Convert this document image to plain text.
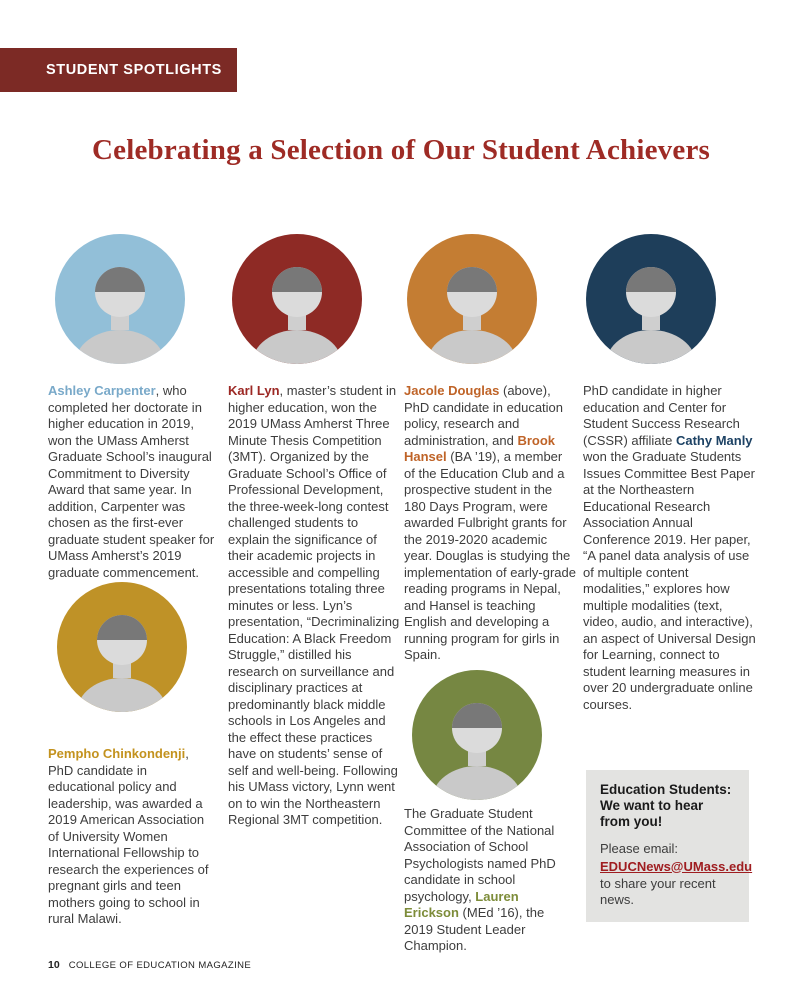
STUDENT SPOTLIGHTS
Celebrating a Selection of Our Student Achievers

Ashley Carpenter, who completed her doctorate in higher education in 2019, won the UMass Amherst Graduate School’s inaugural Commitment to Diversity Award that same year. In addition, Carpenter was chosen as the first-ever graduate student speaker for UMass Amherst’s 2019 graduate commencement.

Pempho Chinkondenji, PhD candidate in educational policy and leadership, was awarded a 2019 American Association of University Women International Fellowship to research the experiences of pregnant girls and teen mothers going to school in rural Malawi.

Karl Lyn, master’s student in higher education, won the 2019 UMass Amherst Three Minute Thesis Competition (3MT). Organized by the Graduate School’s Office of Professional Development, the three-week-long contest challenged students to explain the significance of their academic projects in accessible and compelling presentations totaling three minutes or less. Lyn’s presentation, “Decriminalizing Education: A Black Freedom Struggle,” distilled his research on surveillance and disciplinary practices at predominantly black middle schools in Los Angeles and the effect these practices have on students’ sense of self and well-being. Following his UMass victory, Lynn went on to win the Northeastern Regional 3MT competition.

Jacole Douglas (above), PhD candidate in education policy, research and administration, and Brook Hansel (BA ’19), a member of the Education Club and a prospective student in the 180 Days Program, were awarded Fulbright grants for the 2019-2020 academic year. Douglas is studying the implementation of early-grade reading programs in Nepal, and Hansel is teaching English and developing a running program for girls in Spain.

The Graduate Student Committee of the National Association of School Psychologists named PhD candidate in school psychology, Lauren Erickson (MEd ’16), the 2019 Student Leader Champion.

PhD candidate in higher education and Center for Student Success Research (CSSR) affiliate Cathy Manly won the Graduate Students Issues Committee Best Paper at the Northeastern Educational Research Association Annual Conference 2019. Her paper, “A panel data analysis of use of multiple content modalities,” explores how multiple modalities (text, video, audio, and interactive), an aspect of Universal Design for Learning, connect to student learning measures in over 20 undergraduate online courses.

Education Students:
We want to hear
from you!
Please email:
EDUCNews@UMass.edu
to share your recent news.
10 COLLEGE OF EDUCATION MAGAZINE
